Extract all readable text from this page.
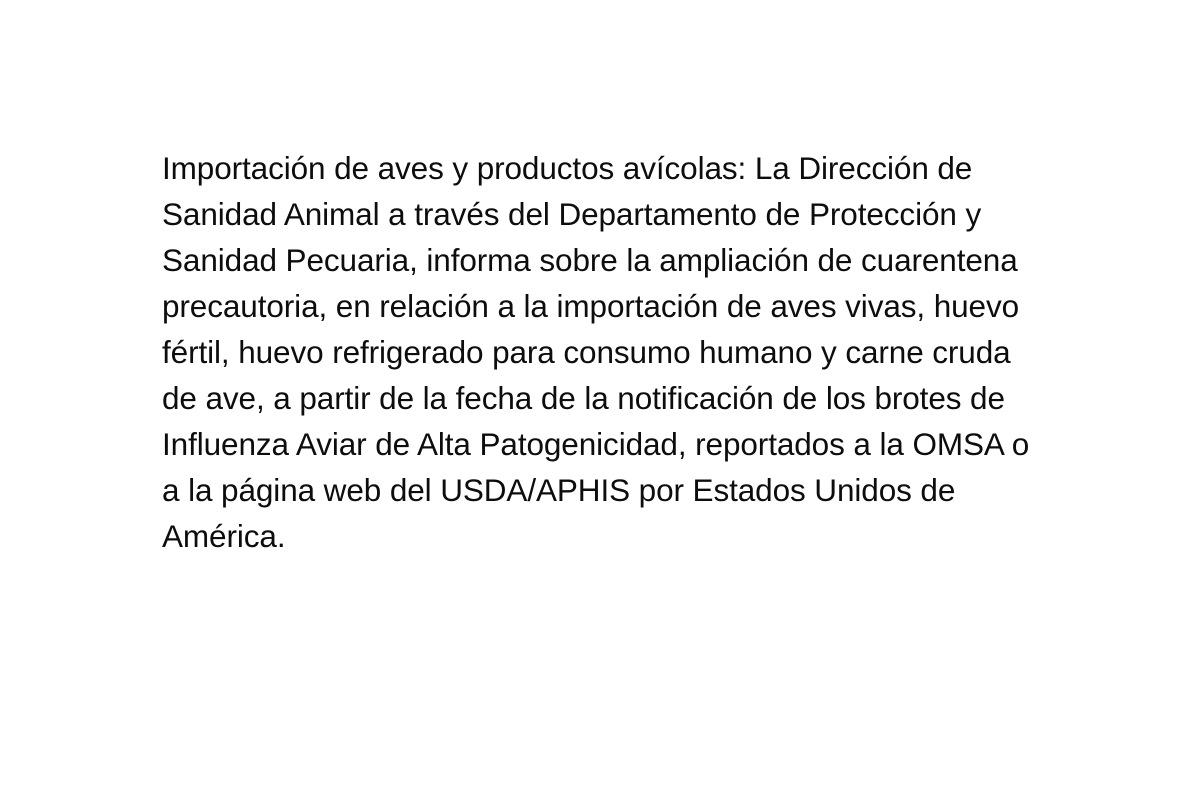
Importación de aves y productos avícolas: La Dirección de Sanidad Animal a través del Departamento de Protección y Sanidad Pecuaria, informa sobre la ampliación de cuarentena precautoria, en relación a la importación de aves vivas, huevo fértil, huevo refrigerado para consumo humano y carne cruda de ave, a partir de la fecha de la notificación de los brotes de Influenza Aviar de Alta Patogenicidad, reportados a la OMSA o a la página web del USDA/APHIS por Estados Unidos de América.
